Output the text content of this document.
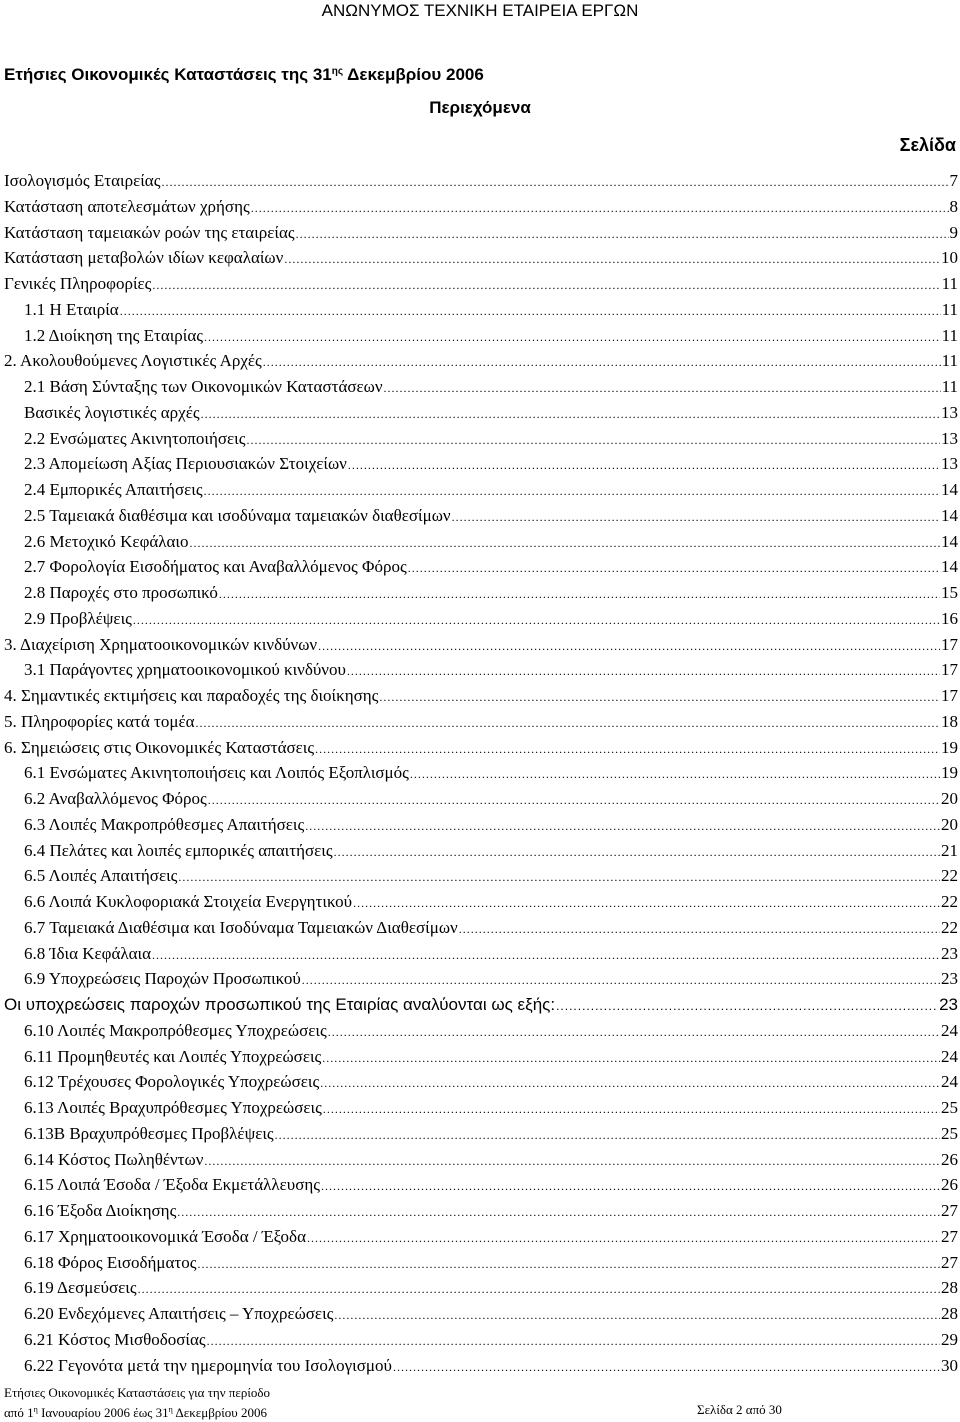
ΑΝΩΝΥΜΟΣ ΤΕΧΝΙΚΗ ΕΤΑΙΡΕΙΑ ΕΡΓΩΝ
Ετήσιες Οικονομικές Καταστάσεις της $31^{\eta\varsigma}$ Δεκεμβρίου 2006
Περιεχόμενα
Σελίδα
Ισολογισμός Εταιρείας .....	7
Κατάσταση αποτελεσμάτων χρήσης .....	8
Κατάσταση ταμειακών ροών της εταιρείας .....	9
Κατάσταση μεταβολών ιδίων κεφαλαίων .....	10
Γενικές Πληροφορίες .....	11
1.1 Η Εταιρία .....	11
1.2 Διοίκηση της Εταιρίας .....	11
2. Ακολουθούμενες Λογιστικές Αρχές .....	11
2.1 Βάση Σύνταξης των Οικονομικών Καταστάσεων .....	11
Βασικές λογιστικές αρχές .....	13
2.2 Ενσώματες Ακινητοποιήσεις .....	13
2.3 Απομείωση Αξίας Περιουσιακών Στοιχείων .....	13
2.4 Εμπορικές Απαιτήσεις .....	14
2.5 Ταμειακά διαθέσιμα και ισοδύναμα ταμειακών διαθεσίμων .....	14
2.6 Μετοχικό Κεφάλαιο .....	14
2.7 Φορολογία Εισοδήματος και Αναβαλλόμενος Φόρος .....	14
2.8 Παροχές στο προσωπικό .....	15
2.9 Προβλέψεις .....	16
3. Διαχείριση Χρηματοοικονομικών κινδύνων .....	17
3.1 Παράγοντες χρηματοοικονομικού κινδύνου .....	17
4. Σημαντικές εκτιμήσεις και παραδοχές της διοίκησης .....	17
5. Πληροφορίες κατά τομέα .....	18
6. Σημειώσεις στις Οικονομικές Καταστάσεις .....	19
6.1 Ενσώματες Ακινητοποιήσεις και Λοιπός Εξοπλισμός .....	19
6.2 Αναβαλλόμενος Φόρος .....	20
6.3 Λοιπές Μακροπρόθεσμες Απαιτήσεις .....	20
6.4 Πελάτες και λοιπές εμπορικές απαιτήσεις .....	21
6.5 Λοιπές Απαιτήσεις .....	22
6.6 Λοιπά Κυκλοφοριακά Στοιχεία Ενεργητικού .....	22
6.7 Ταμειακά Διαθέσιμα και Ισοδύναμα Ταμειακών Διαθεσίμων .....	22
6.8 Ίδια Κεφάλαια .....	23
6.9 Υποχρεώσεις Παροχών Προσωπικού .....	23
Οι υποχρεώσεις παροχών προσωπικού της Εταιρίας αναλύονται ως εξής: .....	23
6.10 Λοιπές Μακροπρόθεσμες Υποχρεώσεις .....	24
6.11 Προμηθευτές και Λοιπές Υποχρεώσεις .....	24
6.12 Τρέχουσες Φορολογικές Υποχρεώσεις .....	24
6.13 Λοιπές Βραχυπρόθεσμες Υποχρεώσεις .....	25
6.13Β Βραχυπρόθεσμες Προβλέψεις .....	25
6.14 Κόστος Πωληθέντων .....	26
6.15 Λοιπά Έσοδα / Έξοδα Εκμετάλλευσης .....	26
6.16 Έξοδα Διοίκησης .....	27
6.17 Χρηματοοικονομικά Έσοδα / Έξοδα .....	27
6.18 Φόρος Εισοδήματος .....	27
6.19 Δεσμεύσεις .....	28
6.20 Ενδεχόμενες Απαιτήσεις – Υποχρεώσεις .....	28
6.21 Κόστος Μισθοδοσίας .....	29
6.22 Γεγονότα μετά την ημερομηνία του Ισολογισμού .....	30
Ετήσιες Οικονομικές Καταστάσεις για την περίοδο
από $1^\eta$ Ιανουαρίου 2006 έως $31^\eta$ Δεκεμβρίου 2006	Σελίδα 2 από 30
